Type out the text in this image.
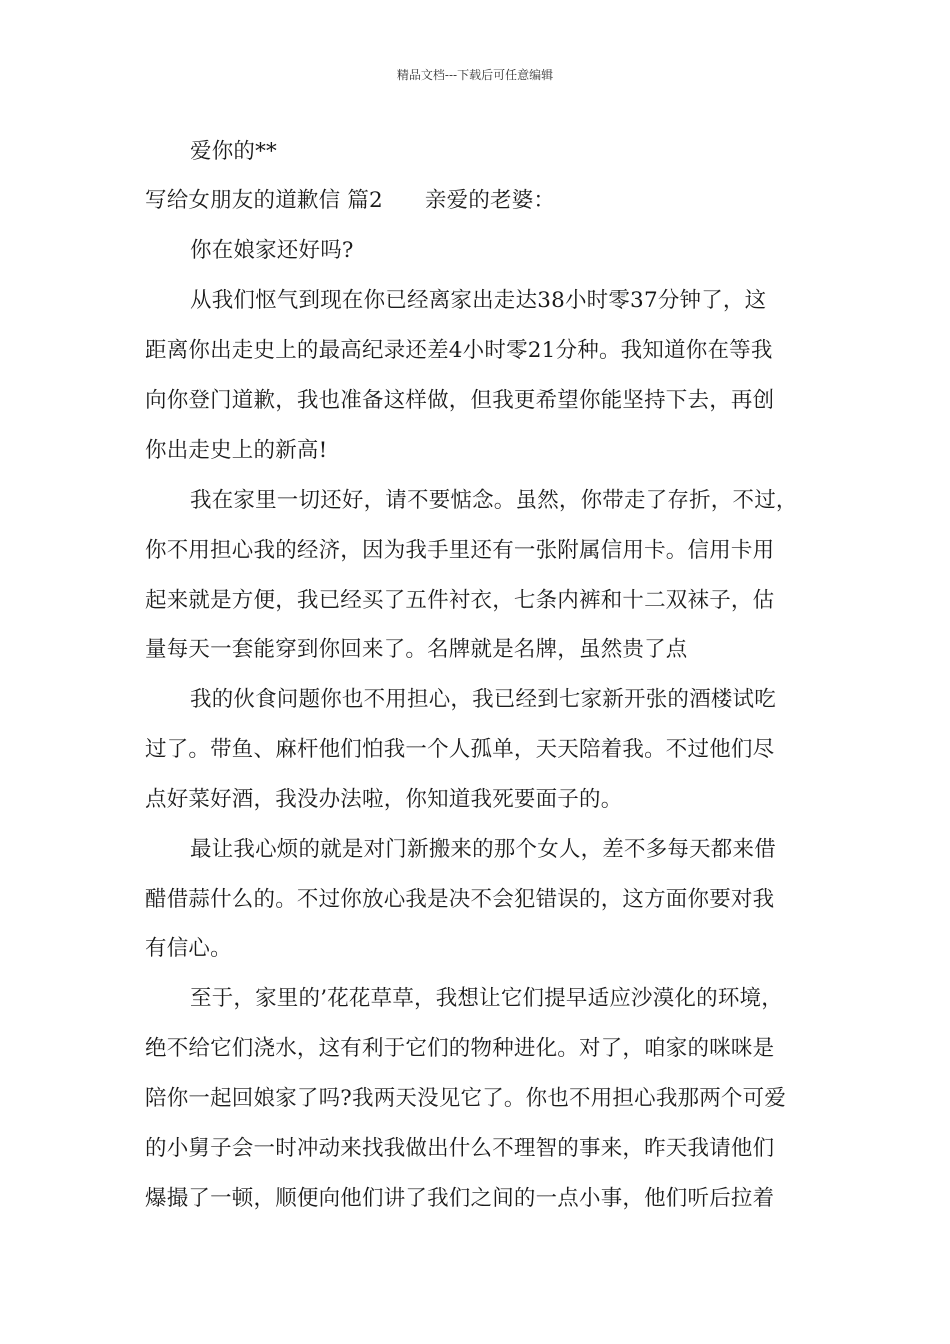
精品文档---下载后可任意编辑
爱你的**
写给女朋友的道歉信 篇2 亲爱的老婆：
你在娘家还好吗?
从我们怄气到现在你已经离家出走达38小时零37分钟了，这
距离你出走史上的最高纪录还差4小时零21分种。我知道你在等我
向你登门道歉，我也准备这样做，但我更希望你能坚持下去，再创
你出走史上的新高!
我在家里一切还好，请不要惦念。虽然，你带走了存折，不过，
你不用担心我的经济，因为我手里还有一张附属信用卡。信用卡用
起来就是方便，我已经买了五件衬衣，七条内裤和十二双袜子，估
量每天一套能穿到你回来了。名牌就是名牌，虽然贵了点
我的伙食问题你也不用担心，我已经到七家新开张的酒楼试吃
过了。带鱼、麻杆他们怕我一个人孤单，天天陪着我。不过他们尽
点好菜好酒，我没办法啦，你知道我死要面子的。
最让我心烦的就是对门新搬来的那个女人，差不多每天都来借
醋借蒜什么的。不过你放心我是决不会犯错误的，这方面你要对我
有信心。
至于，家里的’花花草草，我想让它们提早适应沙漠化的环境，
绝不给它们浇水，这有利于它们的物种进化。对了，咱家的咪咪是
陪你一起回娘家了吗?我两天没见它了。你也不用担心我那两个可爱
的小舅子会一时冲动来找我做出什么不理智的事来，昨天我请他们
爆撮了一顿，顺便向他们讲了我们之间的一点小事，他们听后拉着
